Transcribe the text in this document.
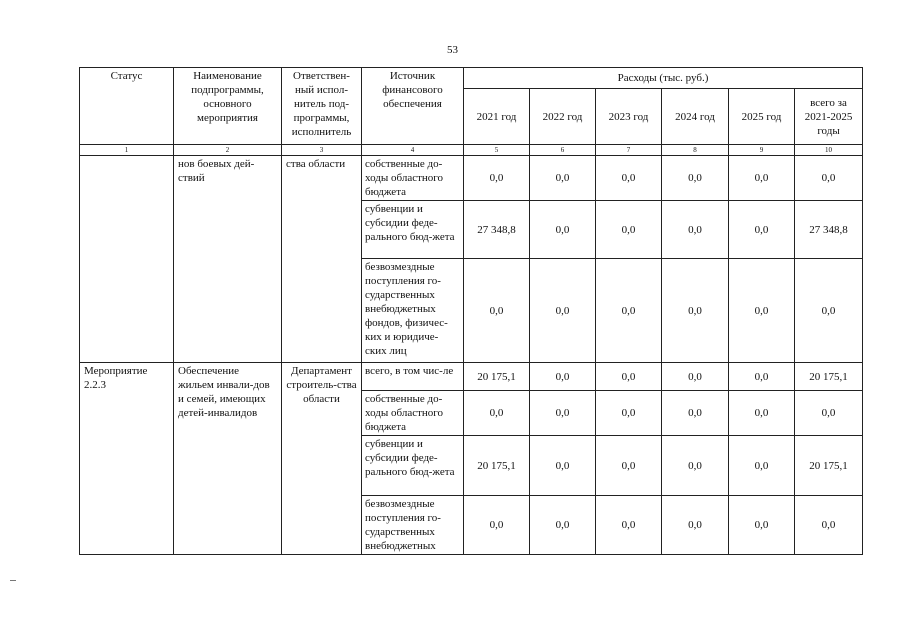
53
Статус	Наименование подпрограммы, основного мероприятия	Ответствен-ный испол-нитель под-программы, исполнитель	Источник финансового обеспечения	Расходы (тыс. руб.)					
				2021 год	2022 год	2023 год	2024 год	2025 год	всего за 2021-2025 годы
1	2	3	4	5	6	7	8	9	10
	нов боевых дей-ствий	ства области	собственные до-ходы областного бюджета	0,0	0,0	0,0	0,0	0,0	0,0
			субвенции и субсидии феде-рального бюд-жета	27 348,8	0,0	0,0	0,0	0,0	27 348,8
			безвозмездные поступления го-сударственных внебюджетных фондов, физичес-ких и юридиче-ских лиц	0,0	0,0	0,0	0,0	0,0	0,0
Мероприятие 2.2.3	Обеспечение жильем инвали-дов и семей, имеющих детей-инвалидов	Департамент строитель-ства области	всего, в том чис-ле	20 175,1	0,0	0,0	0,0	0,0	20 175,1
			собственные до-ходы областного бюджета	0,0	0,0	0,0	0,0	0,0	0,0
			субвенции и субсидии феде-рального бюд-жета	20 175,1	0,0	0,0	0,0	0,0	20 175,1
			безвозмездные поступления го-сударственных внебюджетных	0,0	0,0	0,0	0,0	0,0	0,0
